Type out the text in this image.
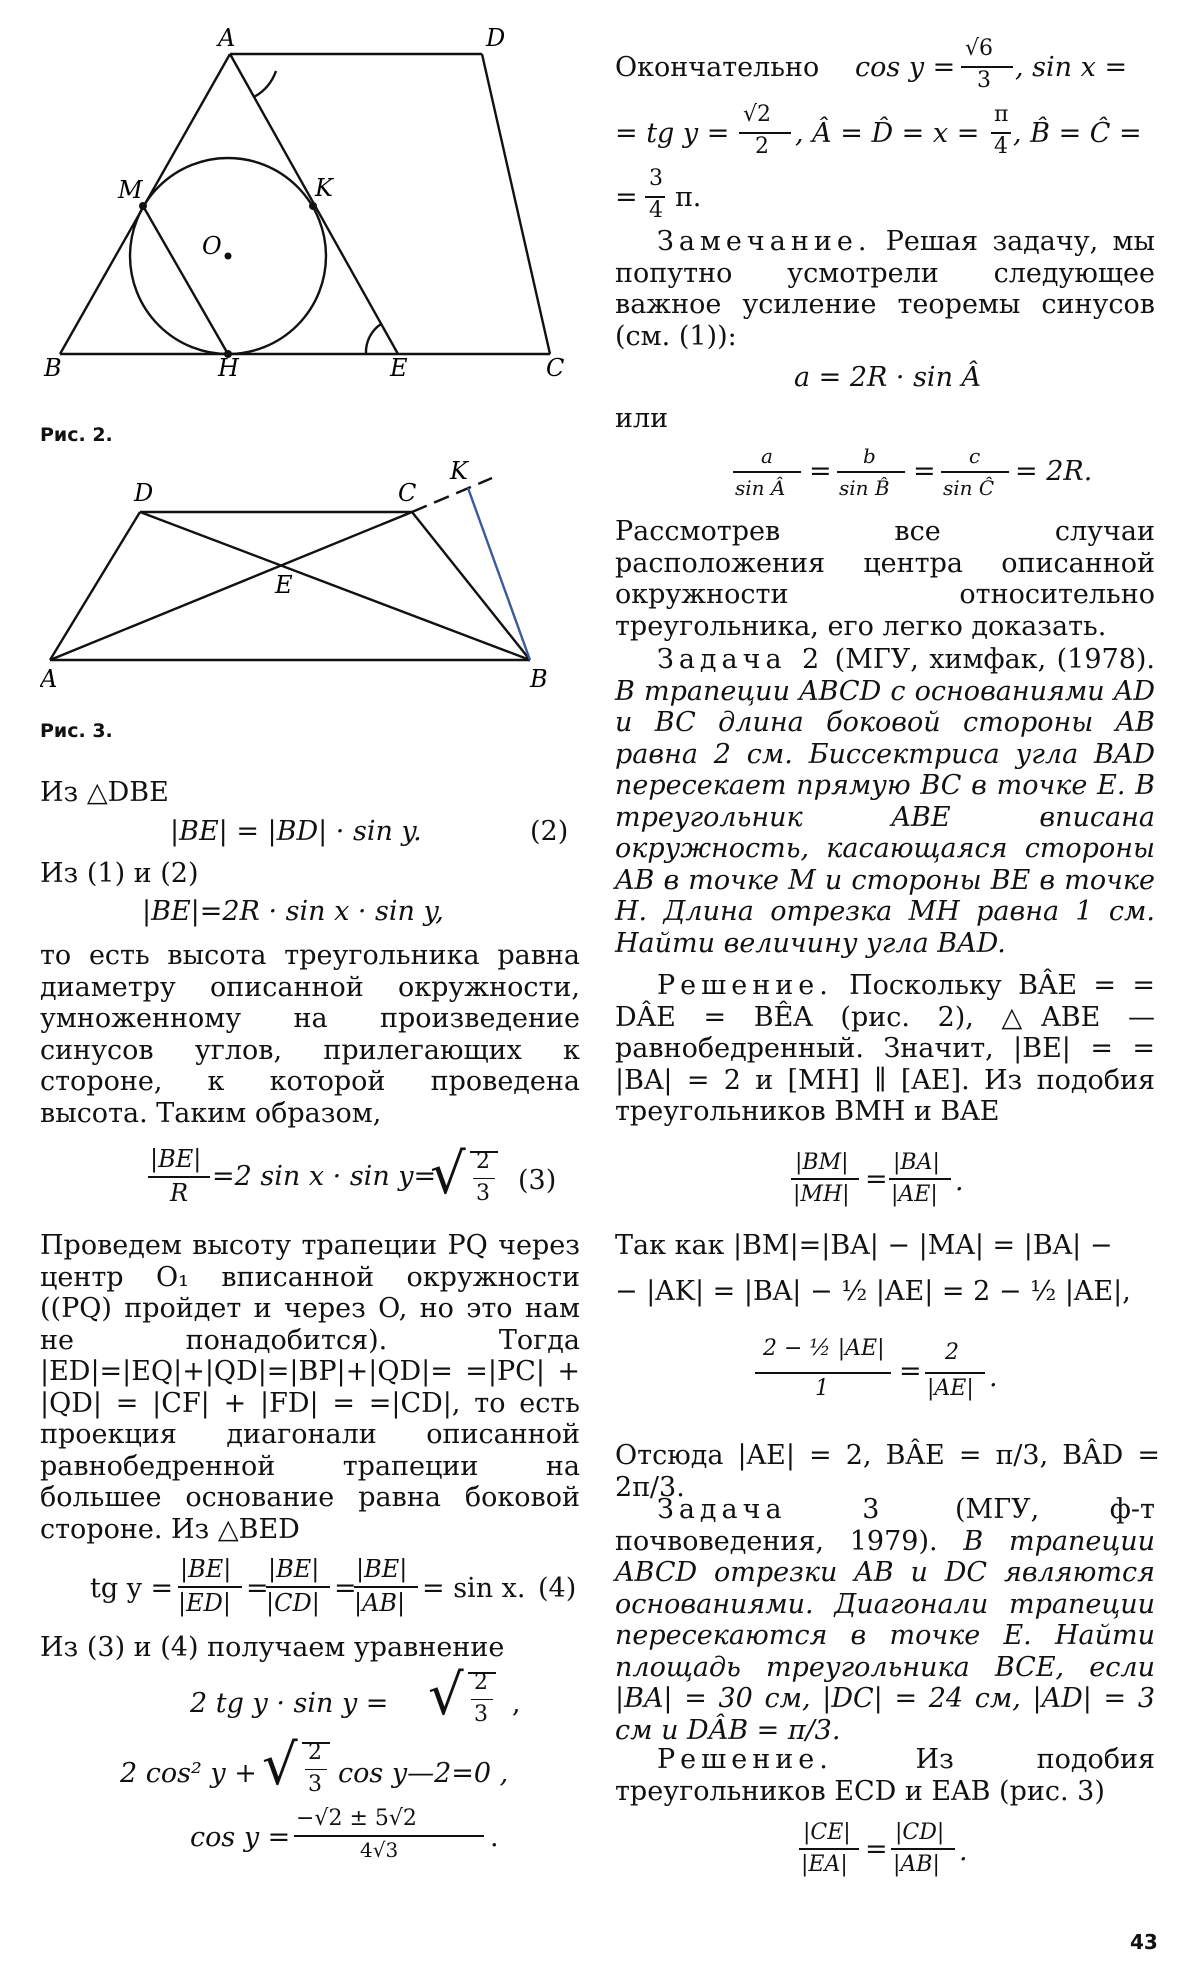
A	D
M	K
O
B	H	E	C
Рис. 2.
D	C
K
E
A	B
Рис. 3.
Из △DBE
|BE| = |BD| · sin y.	(2)
Из (1) и (2)
|BE|=2R · sin x · sin y,

то есть высота треугольника равна диаметру описанной окружности, умноженному на произведение синусов углов, прилегающих к стороне, к которой проведена высота. Таким образом,

|BE|
R
=2 sin x · sin y=
√ 2
3 (3)

Проведем высоту трапеции PQ через центр O₁ вписанной окружности ((PQ) пройдет и через O, но это нам не понадобится). Тогда |ED|=|EQ|+|QD|=|BP|+|QD|= =|PC| + |QD| = |CF| + |FD| = =|CD|, то есть проекция диагонали описанной равнобедренной трапеции на большее основание равна боковой стороне. Из △BED

tg y =
|BE|
|ED| =
|BE|
|CD| =
|BE|
|AB| = sin x. (4)

Из (3) и (4) получаем уравнение

2 tg y · sin y = √ 2
3 ,
2 cos² y + √ 2
3 cos y—2=0 ,
cos y =
−√2 ± 5√2
4√3	.
Окончательно cos y =
√6
3 , sin x =
= tg y =
√2
2 , Â = D̂ = x =
π
4 , B̂ = Ĉ =
=
3
4 π.

Замечание. Решая задачу, мы попутно усмотрели следующее важное усиление теоремы синусов (см. (1)):

a = 2R · sin Â
или
a
sin Â
= b
sin B̂
= c
sin Ĉ
= 2R.

Рассмотрев все случаи расположения центра описанной окружности относительно треугольника, его легко доказать.

Задача 2 (МГУ, химфак, (1978). В трапеции ABCD с основаниями AD и BC длина боковой стороны AB равна 2 см. Биссектриса угла BAD пересекает прямую BC в точке E. В треугольник ABE вписана окружность, касающаяся стороны AB в точке M и стороны BE в точке H. Длина отрезка MH равна 1 см. Найти величину угла BAD.

Решение. Поскольку BÂE = = DÂE = BÊA (рис. 2), △ABE — равнобедренный. Значит, |BE| = = |BA| = 2 и [MH] ∥ [AE]. Из подобия треугольников BMH и BAE

|BM|
|MH| =
|BA|
|AE| .
Так как |BM|=|BA| − |MA| = |BA| −
− |AK| = |BA| − ½ |AE| = 2 − ½ |AE|,
2 − ½ |AE|
1
=
2
|AE| .
Отсюда |AE| = 2, BÂE = π/3, BÂD = 2π/3.

Задача 3	(МГУ, ф-т почвоведения, 1979). В трапеции ABCD отрезки AB и DC являются основаниями. Диагонали трапеции пересекаются в точке E. Найти площадь треугольника BCE, если |BA| = 30 см, |DC| = 24 см, |AD| = 3 см и DÂB = π/3.

Решение.	Из подобия треугольников ECD и EAB (рис. 3)

|CE|
|EA| =
|CD|
|AB| .
43
